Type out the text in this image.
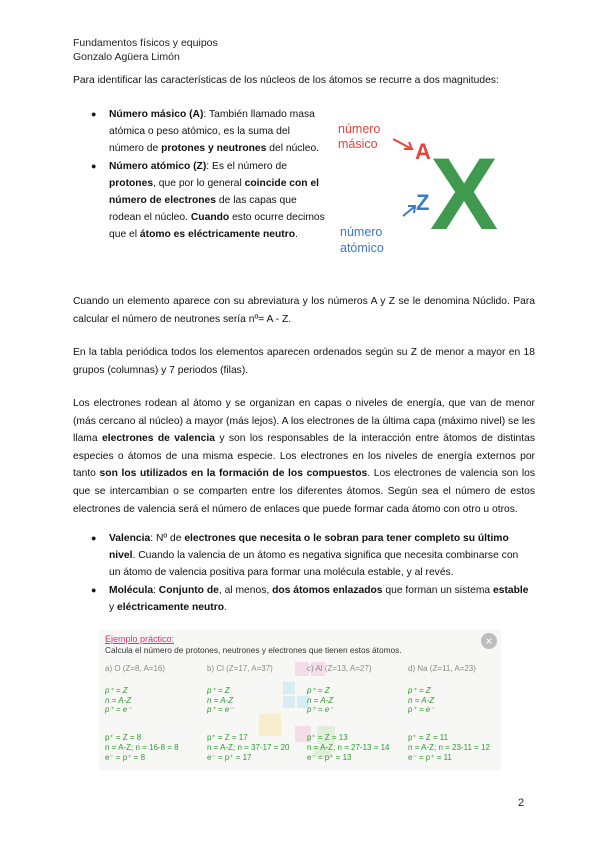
Fundamentos físicos y equipos
Gonzalo Agüera Limón
Para identificar las características de los núcleos de los átomos se recurre a dos magnitudes:
● Número másico (A): También llamado masa atómica o peso atómico, es la suma del número de protones y neutrones del núcleo.
● Número atómico (Z): Es el número de protones, que por lo general coincide con el número de electrones de las capas que rodean el núcleo. Cuando esto ocurre decimos que el átomo es eléctricamente neutro.
número
másico A X
Z
número
atómico
Cuando un elemento aparece con su abreviatura y los números A y Z se le denomina Núclido. Para calcular el número de neutrones sería nº= A - Z.
En la tabla periódica todos los elementos aparecen ordenados según su Z de menor a mayor en 18 grupos (columnas) y 7 periodos (filas).
Los electrones rodean al átomo y se organizan en capas o niveles de energía, que van de menor (más cercano al núcleo) a mayor (más lejos). A los electrones de la última capa (máximo nivel) se les llama electrones de valencia y son los responsables de la interacción entre átomos de distintas especies o átomos de una misma especie. Los electrones en los niveles de energía externos por tanto son los utilizados en la formación de los compuestos. Los electrones de valencia son los que se intercambian o se comparten entre los diferentes átomos. Según sea el número de estos electrones de valencia será el número de enlaces que puede formar cada átomo con otro u otros.
● Valencia: Nº de electrones que necesita o le sobran para tener completo su último nivel. Cuando la valencia de un átomo es negativa significa que necesita combinarse con un átomo de valencia positiva para formar una molécula estable, y al revés.
● Molécula: Conjunto de, al menos, dos átomos enlazados que forman un sistema estable y eléctricamente neutro.
Ejemplo práctico:
Calcula el número de protones, neutrones y electrones que tienen estos átomos.
×
a) O (Z=8, A=16)
p⁺ = Z
n = A-Z
p⁺ = e⁻
p⁺ = Z = 8
n = A-Z; n = 16-8 = 8
e⁻ = p⁺ = 8
b) Cl (Z=17, A=37)
p⁺ = Z
n = A-Z
p⁺ = e⁻
p⁺ = Z = 17
n = A-Z; n = 37-17 = 20
e⁻ = p⁺ = 17
c) Al (Z=13, A=27)
p⁺ = Z
n = A-Z
p⁺ = e⁻
p⁺ = Z = 13
n = A-Z; n = 27-13 = 14
e⁻ = p⁺ = 13
d) Na (Z=11, A=23)
p⁺ = Z
n = A-Z
p⁺ = e⁻
p⁺ = Z = 11
n = A-Z; n = 23-11 = 12
e⁻ = p⁺ = 11
2
